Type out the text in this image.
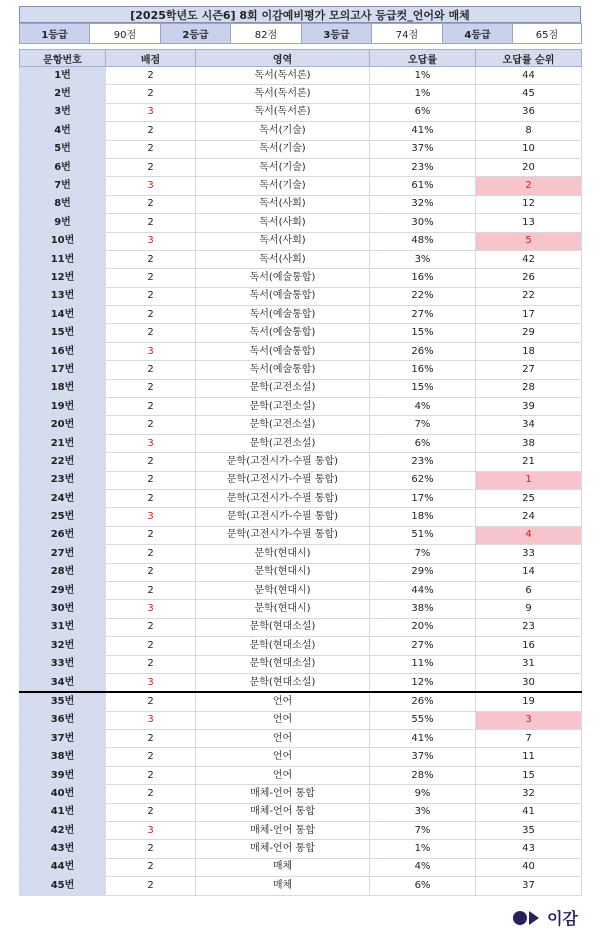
[2025학년도 시즌6] 8회 이감예비평가 모의고사 등급컷_언어와 매체
1등급	90점	2등급	82점	3등급	74점	4등급	65점
문항번호	배점	영역	오답률	오답률 순위
1번	2	독서(독서론)	1%	44
2번	2	독서(독서론)	1%	45
3번	3	독서(독서론)	6%	36
4번	2	독서(기술)	41%	8
5번	2	독서(기술)	37%	10
6번	2	독서(기술)	23%	20
7번	3	독서(기술)	61%	2
8번	2	독서(사회)	32%	12
9번	2	독서(사회)	30%	13
10번	3	독서(사회)	48%	5
11번	2	독서(사회)	3%	42
12번	2	독서(예술통합)	16%	26
13번	2	독서(예술통합)	22%	22
14번	2	독서(예술통합)	27%	17
15번	2	독서(예술통합)	15%	29
16번	3	독서(예술통합)	26%	18
17번	2	독서(예술통합)	16%	27
18번	2	문학(고전소설)	15%	28
19번	2	문학(고전소설)	4%	39
20번	2	문학(고전소설)	7%	34
21번	3	문학(고전소설)	6%	38
22번	2	문학(고전시가-수필 통합)	23%	21
23번	2	문학(고전시가-수필 통합)	62%	1
24번	2	문학(고전시가-수필 통합)	17%	25
25번	3	문학(고전시가-수필 통합)	18%	24
26번	2	문학(고전시가-수필 통합)	51%	4
27번	2	문학(현대시)	7%	33
28번	2	문학(현대시)	29%	14
29번	2	문학(현대시)	44%	6
30번	3	문학(현대시)	38%	9
31번	2	문학(현대소설)	20%	23
32번	2	문학(현대소설)	27%	16
33번	2	문학(현대소설)	11%	31
34번	3	문학(현대소설)	12%	30
35번	2	언어	26%	19
36번	3	언어	55%	3
37번	2	언어	41%	7
38번	2	언어	37%	11
39번	2	언어	28%	15
40번	2	매체-언어 통합	9%	32
41번	2	매체-언어 통합	3%	41
42번	3	매체-언어 통합	7%	35
43번	2	매체-언어 통합	1%	43
44번	2	매체	4%	40
45번	2	매체	6%	37
이감
